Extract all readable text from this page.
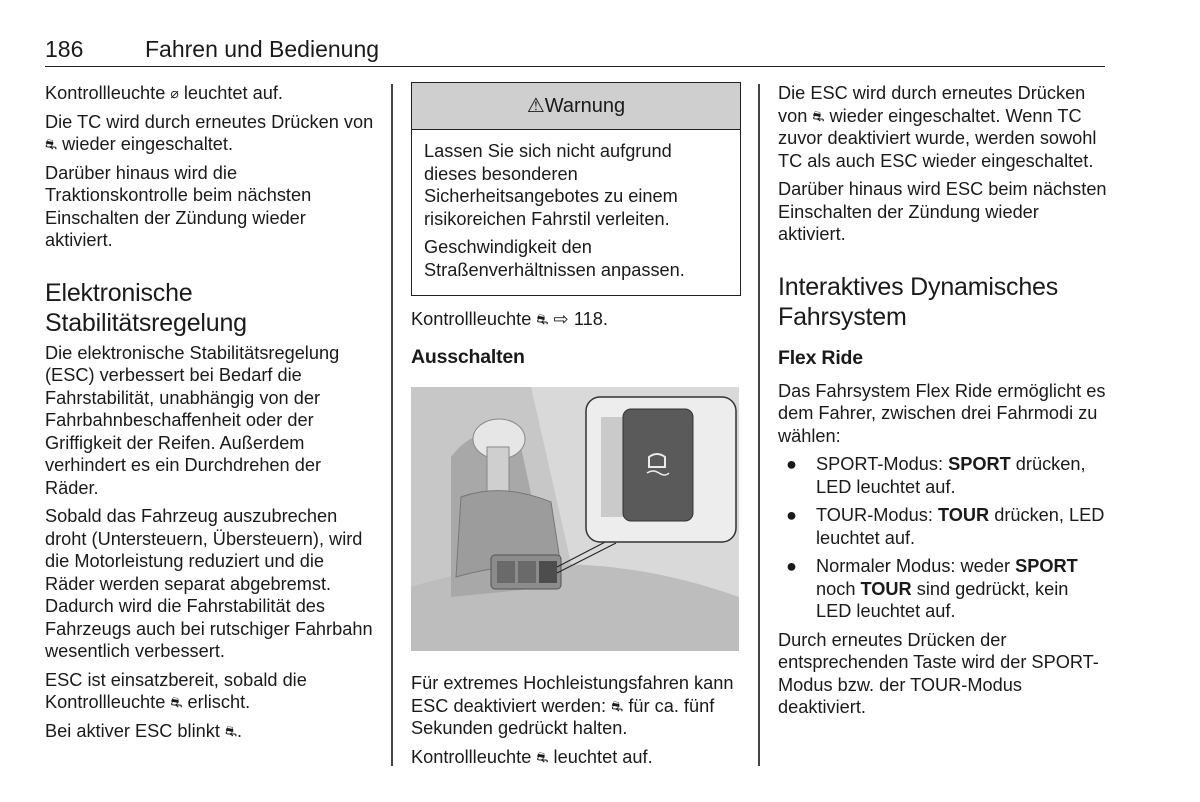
186	Fahren und Bedienung

Kontrollleuchte ⌀ leuchtet auf.

Die TC wird durch erneutes Drücken von ⛐ wieder eingeschaltet.

Darüber hinaus wird die Traktionskontrolle beim nächsten Einschalten der Zündung wieder aktiviert.

Elektronische
Stabilitätsregelung

Die elektronische Stabilitätsregelung (ESC) verbessert bei Bedarf die Fahrstabilität, unabhängig von der Fahrbahnbeschaffenheit oder der Griffigkeit der Reifen. Außerdem verhindert es ein Durchdrehen der Räder.

Sobald das Fahrzeug auszubrechen droht (Untersteuern, Übersteuern), wird die Motorleistung reduziert und die Räder werden separat abgebremst. Dadurch wird die Fahrstabilität des Fahrzeugs auch bei rutschiger Fahrbahn wesentlich verbessert.

ESC ist einsatzbereit, sobald die Kontrollleuchte ⛐ erlischt.

Bei aktiver ESC blinkt ⛐.

⚠ Warnung

Lassen Sie sich nicht aufgrund dieses besonderen Sicherheitsangebotes zu einem risikoreichen Fahrstil verleiten.

Geschwindigkeit den Straßenverhältnissen anpassen.

Kontrollleuchte ⛐ ⇨ 118.

Ausschalten

Für extremes Hochleistungsfahren kann ESC deaktiviert werden: ⛐ für ca. fünf Sekunden gedrückt halten.

Kontrollleuchte ⛐ leuchtet auf.

Die ESC wird durch erneutes Drücken von ⛐ wieder eingeschaltet. Wenn TC zuvor deaktiviert wurde, werden sowohl TC als auch ESC wieder eingeschaltet.

Darüber hinaus wird ESC beim nächsten Einschalten der Zündung wieder aktiviert.

Interaktives Dynamisches
Fahrsystem
Flex Ride

Das Fahrsystem Flex Ride ermöglicht es dem Fahrer, zwischen drei Fahrmodi zu wählen:

● SPORT-Modus: SPORT drücken, LED leuchtet auf.
● TOUR-Modus: TOUR drücken, LED leuchtet auf.
● Normaler Modus: weder SPORT noch TOUR sind gedrückt, kein LED leuchtet auf.

Durch erneutes Drücken der entsprechenden Taste wird der SPORT-Modus bzw. der TOUR-Modus deaktiviert.
